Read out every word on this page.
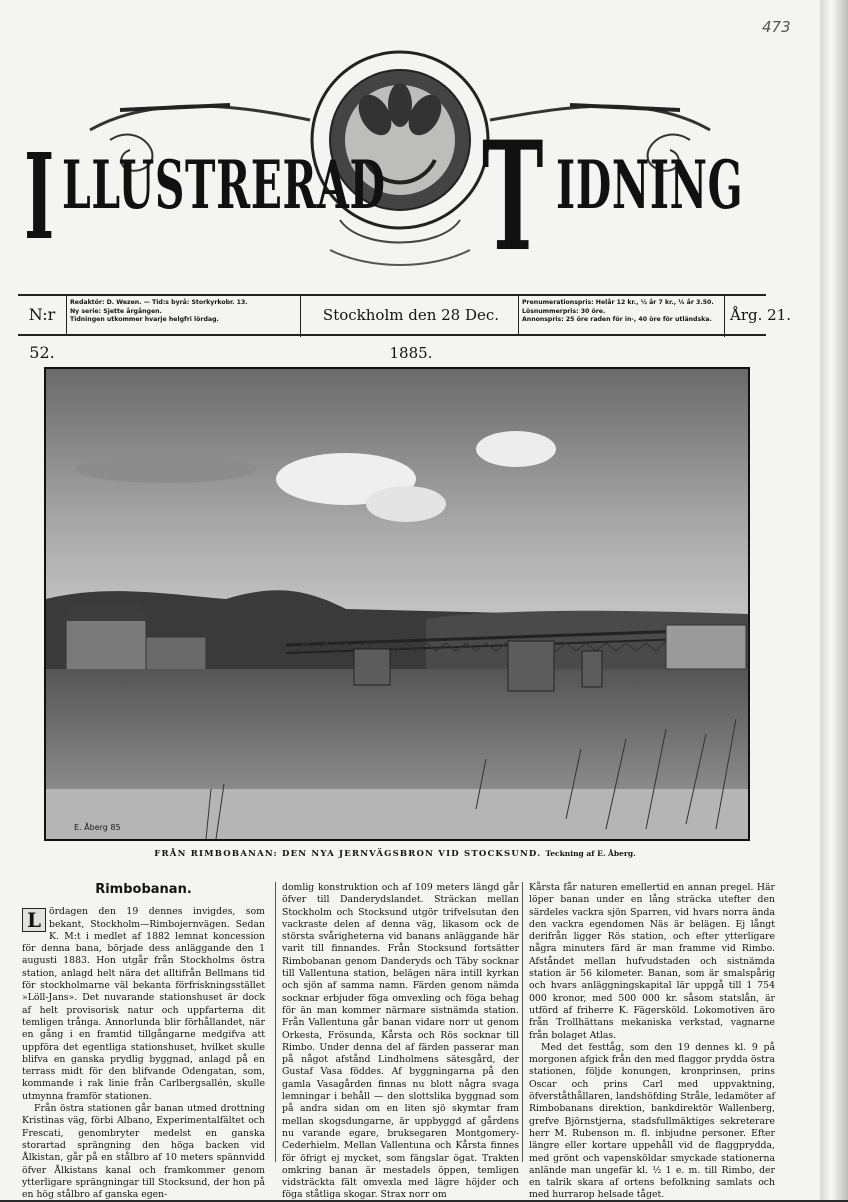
473
I LLUSTRERAD T IDNING
N:r 52.
Redaktör: D. Wezen. — Tid:s byrå: Storkyrkobr. 13.
Ny serie: Sjette årgången.
Tidningen utkommer hvarje helgfri lördag.	Stockholm den 28 Dec. 1885.
Prenumerationspris: Helår 12 kr., ½ år 7 kr., ¼ år 3.50.
Lösnummerpris: 30 öre.
Annonspris: 25 öre raden för in-, 40 öre för utländska.	Årg. 21.
E. Åberg 85
FRÅN RIMBOBANAN: DEN NYA JERNVÄGSBRON VID STOCKSUND. Teckning af E. Åberg.
Rimbobanan.

L ördagen den 19 dennes invigdes, som bekant, Stockholm—Rimbojernvägen. Sedan K. M:t i medlet af 1882 lemnat koncession för denna bana, började dess anläggande den 1 augusti 1883. Hon utgår från Stockholms östra station, anlagd helt nära det alltifrån Bellmans tid för stockholmarne väl bekanta förfriskningsstället »Löll-Jans». Det nuvarande stationshuset är dock af helt provisorisk natur och uppfarterna dit temligen trånga. Annorlunda blir förhållandet, när en gång i en framtid tillgångarne medgifva att uppföra det egentliga stationshuset, hvilket skulle blifva en ganska prydlig byggnad, anlagd på en terrass midt för den blifvande Odengatan, som, kommande i rak linie från Carlbergsallén, skulle utmynna framför stationen.

Från östra stationen går banan utmed drottning Kristinas väg, förbi Albano, Experimentalfältet och Frescati, genombryter medelst en ganska storartad sprängning den höga backen vid Ålkistan, går på en stålbro af 10 meters spännvidd öfver Ålkistans kanal och framkommer genom ytterligare sprängningar till Stocksund, der hon på en hög stålbro af ganska egen-

domlig konstruktion och af 109 meters längd går öfver till Danderydslandet. Sträckan mellan Stockholm och Stocksund utgör trifvelsutan den vackraste delen af denna väg, likasom ock de största svårigheterna vid banans anläggande här varit till finnandes. Från Stocksund fortsätter Rimbobanan genom Danderyds och Täby socknar till Vallentuna station, belägen nära intill kyrkan och sjön af samma namn. Färden genom nämda socknar erbjuder föga omvexling och föga behag för än man kommer närmare sistnämda station. Från Vallentuna går banan vidare norr ut genom Orkesta, Frösunda, Kårsta och Rös socknar till Rimbo. Under denna del af färden passerar man på något afstånd Lindholmens sätesgård, der Gustaf Vasa föddes. Af byggningarna på den gamla Vasagården finnas nu blott några svaga lemningar i behåll — den slottslika byggnad som på andra sidan om en liten sjö skymtar fram mellan skogsdungarne, är uppbyggd af gårdens nu varande egare, bruksegaren Montgomery-Cederhielm. Mellan Vallentuna och Kårsta finnes för öfrigt ej mycket, som fängslar ögat. Trakten omkring banan är mestadels öppen, temligen vidsträckta fält omvexla med lägre höjder och föga ståtliga skogar. Strax norr om

Kårsta får naturen emellertid en annan pregel. Här löper banan under en lång sträcka utefter den särdeles vackra sjön Sparren, vid hvars norra ända den vackra egendomen Näs är belägen. Ej långt derifrån ligger Rös station, och efter ytterligare några minuters färd är man framme vid Rimbo. Afståndet mellan hufvudstaden och sistnämda station är 56 kilometer. Banan, som är smalspårig och hvars anläggningskapital lär uppgå till 1 754 000 kronor, med 500 000 kr. såsom statslån, är utförd af friherre K. Fägersköld. Lokomotiven äro från Trollhättans mekaniska verkstad, vagnarne från bolaget Atlas.

Med det festtåg, som den 19 dennes kl. 9 på morgonen afgick från den med flaggor prydda östra stationen, följde konungen, kronprinsen, prins Oscar och prins Carl med uppvaktning, öfverståthållaren, landshöfding Stråle, ledamöter af Rimbobanans direktion, bankdirektör Wallenberg, grefve Björnstjerna, stadsfullmäktiges sekreterare herr M. Rubenson m. fl. inbjudne personer. Efter längre eller kortare uppehåll vid de flaggprydda, med grönt och vapensköldar smyckade stationerna anlände man ungefär kl. ½ 1 e. m. till Rimbo, der en talrik skara af ortens befolkning samlats och med hurrarop helsade tåget.
